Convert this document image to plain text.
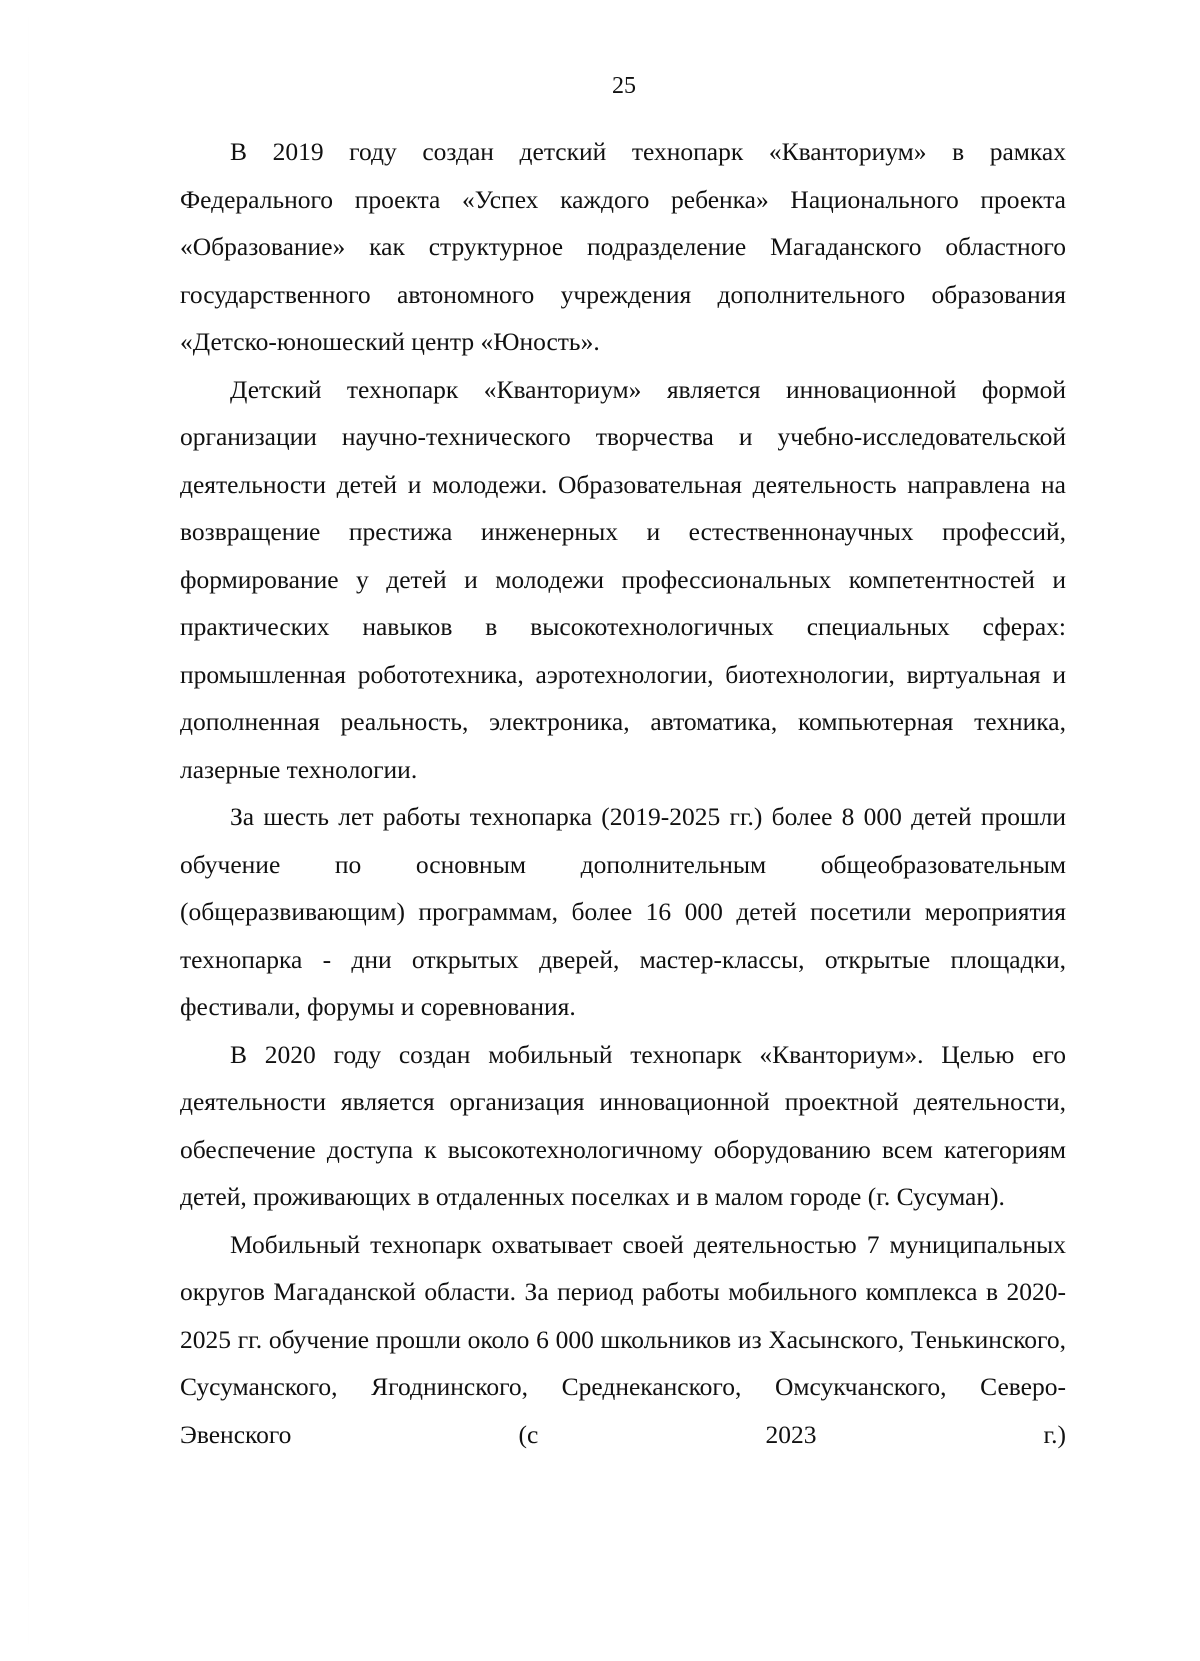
25

В 2019 году создан детский технопарк «Кванториум» в рамках Федерального проекта «Успех каждого ребенка» Национального проекта «Образование» как структурное подразделение Магаданского областного государственного автономного учреждения дополнительного образования «Детско-юношеский центр «Юность».

Детский технопарк «Кванториум» является инновационной формой организации научно-технического творчества и учебно-исследовательской деятельности детей и молодежи. Образовательная деятельность направлена на возвращение престижа инженерных и естественнонаучных профессий, формирование у детей и молодежи профессиональных компетентностей и практических навыков в высокотехнологичных специальных сферах: промышленная робототехника, аэротехнологии, биотехнологии, виртуальная и дополненная реальность, электроника, автоматика, компьютерная техника, лазерные технологии.

За шесть лет работы технопарка (2019-2025 гг.) более 8 000 детей прошли обучение по основным дополнительным общеобразовательным (общеразвивающим) программам, более 16 000 детей посетили мероприятия технопарка - дни открытых дверей, мастер-классы, открытые площадки, фестивали, форумы и соревнования.

В 2020 году создан мобильный технопарк «Кванториум». Целью его деятельности является организация инновационной проектной деятельности, обеспечение доступа к высокотехнологичному оборудованию всем категориям детей, проживающих в отдаленных поселках и в малом городе (г. Сусуман).

Мобильный технопарк охватывает своей деятельностью 7 муниципальных округов Магаданской области. За период работы мобильного комплекса в 2020-2025 гг. обучение прошли около 6 000 школьников из Хасынского, Тенькинского, Сусуманского, Ягоднинского, Среднеканского, Омсукчанского, Северо-Эвенского (с 2023 г.)
